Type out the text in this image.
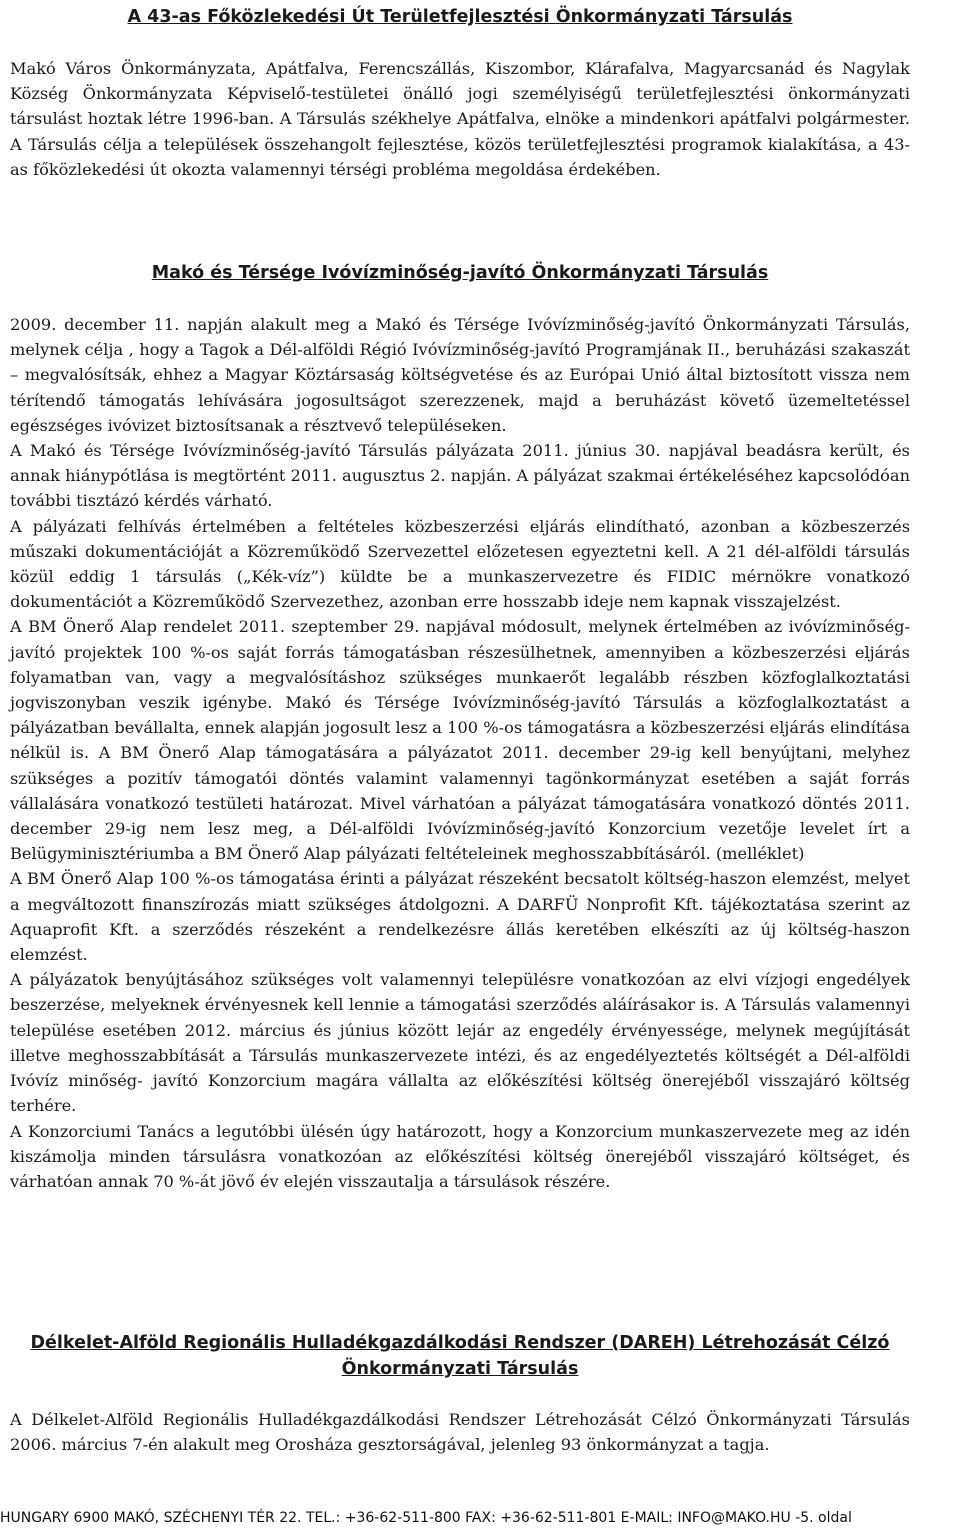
A 43-as Főközlekedési Út Területfejlesztési Önkormányzati Társulás

Makó Város Önkormányzata, Apátfalva, Ferencszállás, Kiszombor, Klárafalva, Magyarcsanád és Nagylak Község Önkormányzata Képviselő-testületei önálló jogi személyiségű területfejlesztési önkormányzati társulást hoztak létre 1996-ban. A Társulás székhelye Apátfalva, elnöke a mindenkori apátfalvi polgármester. A Társulás célja a települések összehangolt fejlesztése, közös területfejlesztési programok kialakítása, a 43-as főközlekedési út okozta valamennyi térségi probléma megoldása érdekében.

Makó és Térsége Ivóvízminőség-javító Önkormányzati Társulás

2009. december 11. napján alakult meg a Makó és Térsége Ivóvízminőség-javító Önkormányzati Társulás, melynek célja , hogy a Tagok a Dél-alföldi Régió Ivóvízminőség-javító Programjának II., beruházási szakaszát – megvalósítsák, ehhez a Magyar Köztársaság költségvetése és az Európai Unió által biztosított vissza nem térítendő támogatás lehívására jogosultságot szerezzenek, majd a beruházást követő üzemeltetéssel egészséges ivóvizet biztosítsanak a résztvevő településeken.

A Makó és Térsége Ivóvízminőség-javító Társulás pályázata 2011. június 30. napjával beadásra került, és annak hiánypótlása is megtörtént 2011. augusztus 2. napján. A pályázat szakmai értékeléséhez kapcsolódóan további tisztázó kérdés várható.

A pályázati felhívás értelmében a feltételes közbeszerzési eljárás elindítható, azonban a közbeszerzés műszaki dokumentációját a Közreműködő Szervezettel előzetesen egyeztetni kell. A 21 dél-alföldi társulás közül eddig 1 társulás („Kék-víz”) küldte be a munkaszervezetre és FIDIC mérnökre vonatkozó dokumentációt a Közreműködő Szervezethez, azonban erre hosszabb ideje nem kapnak visszajelzést.

A BM Önerő Alap rendelet 2011. szeptember 29. napjával módosult, melynek értelmében az ivóvízminőség-javító projektek 100 %-os saját forrás támogatásban részesülhetnek, amennyiben a közbeszerzési eljárás folyamatban van, vagy a megvalósításhoz szükséges munkaerőt legalább részben közfoglalkoztatási jogviszonyban veszik igénybe. Makó és Térsége Ivóvízminőség-javító Társulás a közfoglalkoztatást a pályázatban bevállalta, ennek alapján jogosult lesz a 100 %-os támogatásra a közbeszerzési eljárás elindítása nélkül is. A BM Önerő Alap támogatására a pályázatot 2011. december 29-ig kell benyújtani, melyhez szükséges a pozitív támogatói döntés valamint valamennyi tagönkormányzat esetében a saját forrás vállalására vonatkozó testületi határozat. Mivel várhatóan a pályázat támogatására vonatkozó döntés 2011. december 29-ig nem lesz meg, a Dél-alföldi Ivóvízminőség-javító Konzorcium vezetője levelet írt a Belügyminisztériumba a BM Önerő Alap pályázati feltételeinek meghosszabbításáról. (melléklet)

A BM Önerő Alap 100 %-os támogatása érinti a pályázat részeként becsatolt költség-haszon elemzést, melyet a megváltozott finanszírozás miatt szükséges átdolgozni. A DARFÜ Nonprofit Kft. tájékoztatása szerint az Aquaprofit Kft. a szerződés részeként a rendelkezésre állás keretében elkészíti az új költség-haszon elemzést.

A pályázatok benyújtásához szükséges volt valamennyi településre vonatkozóan az elvi vízjogi engedélyek beszerzése, melyeknek érvényesnek kell lennie a támogatási szerződés aláírásakor is. A Társulás valamennyi települése esetében 2012. március és június között lejár az engedély érvényessége, melynek megújítását illetve meghosszabbítását a Társulás munkaszervezete intézi, és az engedélyeztetés költségét a Dél-alföldi Ivóvíz minőség- javító Konzorcium magára vállalta az előkészítési költség önerejéből visszajáró költség terhére.

A Konzorciumi Tanács a legutóbbi ülésén úgy határozott, hogy a Konzorcium munkaszervezete meg az idén kiszámolja minden társulásra vonatkozóan az előkészítési költség önerejéből visszajáró költséget, és várhatóan annak 70 %-át jövő év elején visszautalja a társulások részére.

Délkelet-Alföld Regionális Hulladékgazdálkodási Rendszer (DAREH) Létrehozását Célzó Önkormányzati Társulás

A Délkelet-Alföld Regionális Hulladékgazdálkodási Rendszer Létrehozását Célzó Önkormányzati Társulás 2006. március 7-én alakult meg Orosháza gesztorságával, jelenleg 93 önkormányzat a tagja.

HUNGARY 6900 MAKÓ, SZÉCHENYI TÉR 22. TEL.: +36-62-511-800 FAX: +36-62-511-801 E-MAIL: INFO@MAKO.HU -5. oldal
